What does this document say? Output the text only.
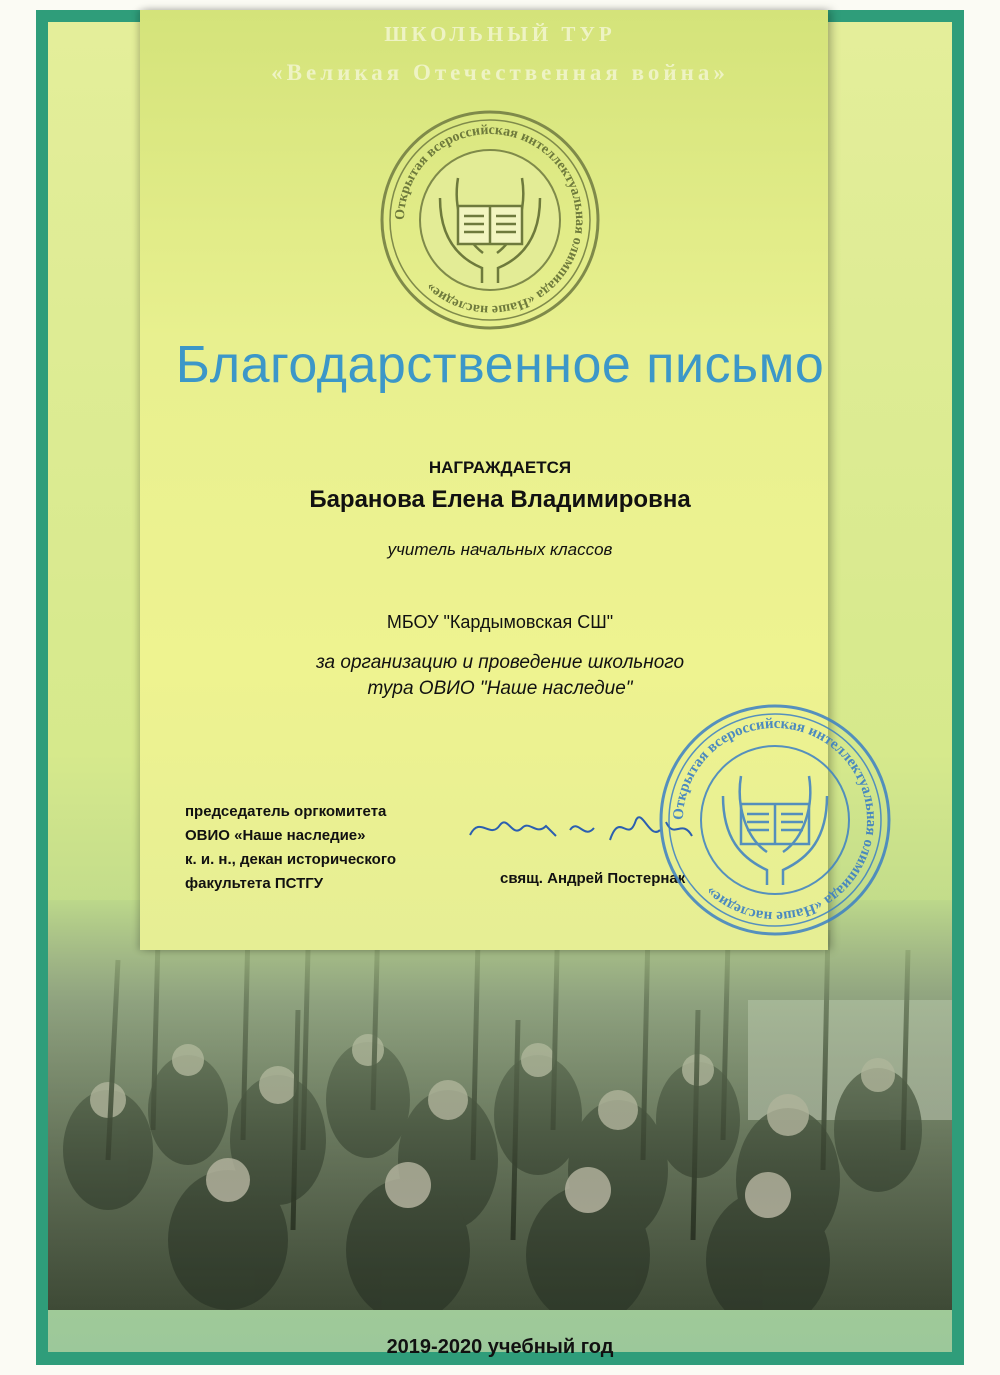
ШКОЛЬНЫЙ ТУР
«Великая Отечественная война»
Открытая всероссийская интеллектуальная олимпиада «Наше наследие»
Благодарственное письмо
НАГРАЖДАЕТСЯ
Баранова Елена Владимировна
учитель начальных классов
МБОУ "Кардымовская СШ"
за организацию и проведение школьного
тура ОВИО "Наше наследие"
председатель оргкомитета
ОВИО «Наше наследие»
к. и. н., декан исторического
факультета ПСТГУ	свящ. Андрей Постернак
Открытая всероссийская интеллектуальная олимпиада «Наше наследие»
2019-2020 учебный год
